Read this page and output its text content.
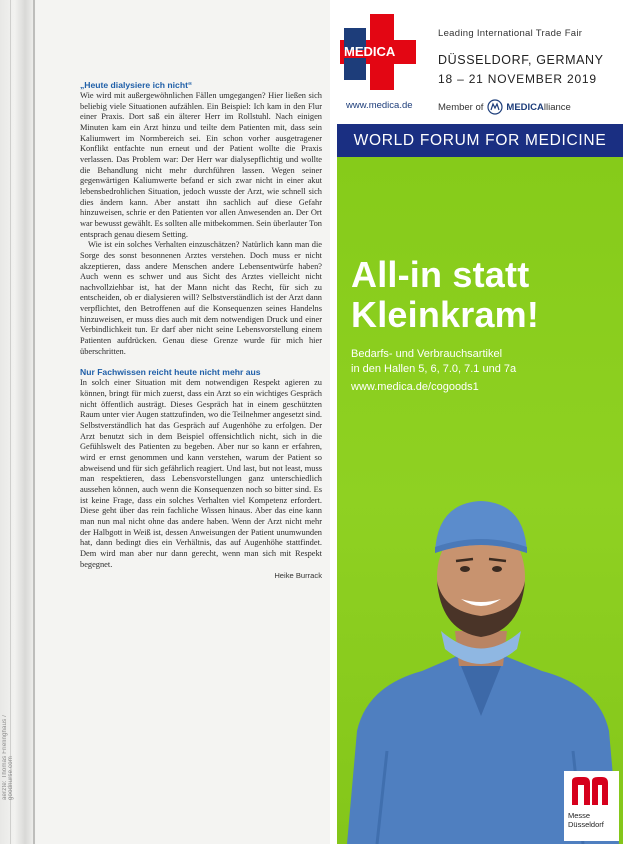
aerzte: Thomas Frielinghaus / goodnurse.com
„Heute dialysiere ich nicht“

Wie wird mit außergewöhnlichen Fällen umgegangen? Hier ließen sich beliebig viele Situationen aufzählen. Ein Beispiel: Ich kam in den Flur einer Praxis. Dort saß ein älterer Herr im Rollstuhl. Nach einigen Minuten kam ein Arzt hinzu und teilte dem Patienten mit, dass sein Kaliumwert im Normbereich sei. Ein schon vorher ausgetragener Konflikt entfachte nun erneut und der Patient wollte die Praxis verlassen. Das Problem war: Der Herr war dialysepflichtig und wollte die Behandlung nicht mehr durchführen lassen. Wegen seiner gegenwärtigen Kaliumwerte befand er sich zwar nicht in einer akut lebensbedrohlichen Situation, jedoch wusste der Arzt, wie schnell sich dies ändern kann. Aber anstatt ihn sachlich auf diese Gefahr hinzuweisen, schrie er den Patienten vor allen Anwesenden an. Der Ort war bewusst gewählt. Es sollten alle mitbekommen. Sein überlauter Ton entsprach genau diesem Setting.

Wie ist ein solches Verhalten einzuschätzen? Natürlich kann man die Sorge des sonst besonnenen Arztes verstehen. Doch muss er nicht akzeptieren, dass andere Menschen andere Lebensentwürfe haben? Auch wenn es schwer und aus Sicht des Arztes vielleicht nicht nachvollziehbar ist, hat der Mann nicht das Recht, für sich zu entscheiden, ob er dialysieren will? Selbstverständlich ist der Arzt dann verpflichtet, den Betroffenen auf die Konsequenzen seines Handelns hinzuweisen, er muss dies auch mit dem notwendigen Druck und einer Verbindlichkeit tun. Er darf aber nicht seine Lebensvorstellung einem Patienten aufdrücken. Genau diese Grenze wurde für mich hier überschritten.

Nur Fachwissen reicht heute nicht mehr aus

In solch einer Situation mit dem notwendigen Respekt agieren zu können, bringt für mich zuerst, dass ein Arzt so ein wichtiges Gespräch nicht öffentlich austrägt. Dieses Gespräch hat in einem geschützten Raum unter vier Augen stattzufinden, wo die Teilnehmer angesetzt sind. Selbstverständlich hat das Gespräch auf Augenhöhe zu erfolgen. Der Arzt benutzt sich in dem Beispiel offensichtlich nicht, sich in die Gefühlswelt des Patienten zu begeben. Aber nur so kann er erfahren, wird er ernst genommen und kann verstehen, warum der Patient so abweisend und für sich gefährlich reagiert. Und last, but not least, muss man respektieren, dass Lebensvorstellungen ganz unterschiedlich aussehen können, auch wenn die Konsequenzen noch so bitter sind. Es ist keine Frage, dass ein solches Verhalten viel Kompetenz erfordert. Diese geht über das rein fachliche Wissen hinaus. Aber das eine kann man nun mal nicht ohne das andere haben. Wenn der Arzt nicht mehr der Halbgott in Weiß ist, dessen Anweisungen der Patient unumwunden hat, dann bedingt dies ein Verhältnis, das auf Augenhöhe stattfindet. Dem wird man aber nur dann gerecht, wenn man sich mit Respekt begegnet.

Heike Burrack
MEDICA
www.medica.de
Leading International Trade Fair
DÜSSELDORF, GERMANY
18 – 21 NOVEMBER 2019
Member of MEDICA lliance
WORLD FORUM FOR MEDICINE
All-in statt
Kleinkram!

Bedarfs- und Verbrauchsartikel
in den Hallen 5, 6, 7.0, 7.1 und 7a

www.medica.de/cogoods1
Messe
Düsseldorf
